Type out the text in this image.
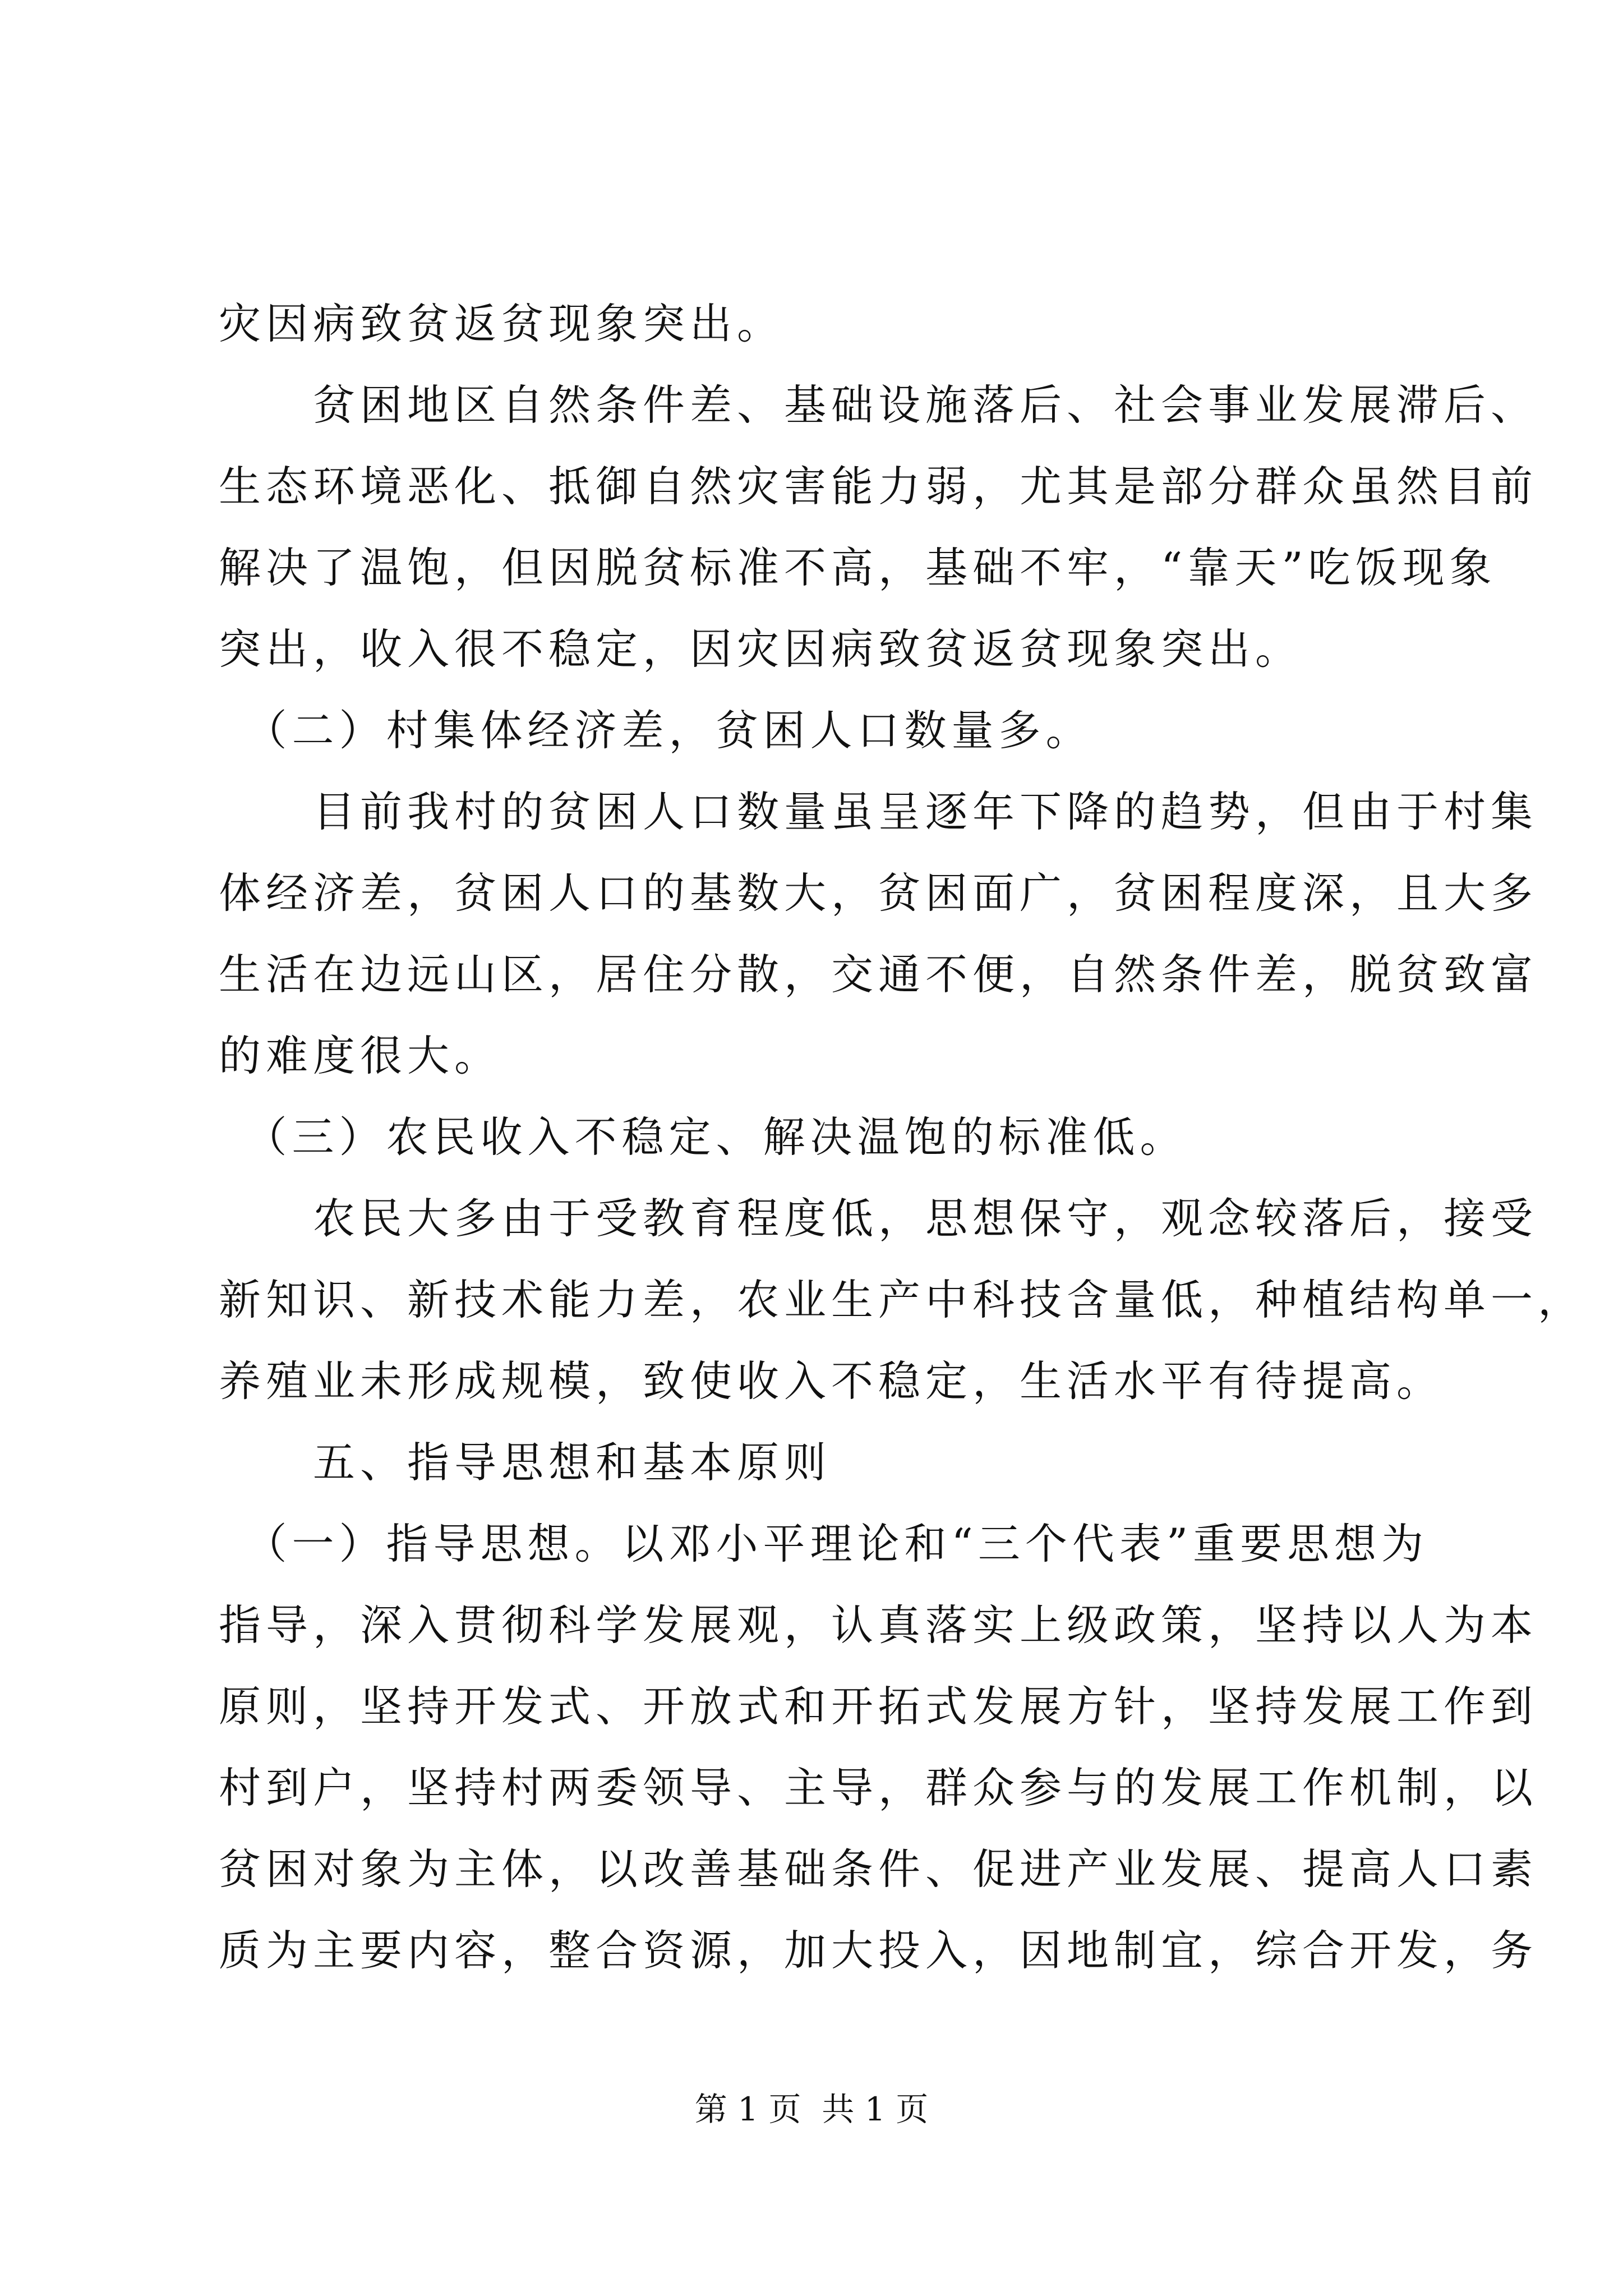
灾因病致贫返贫现象突出。
　　贫困地区自然条件差、基础设施落后、社会事业发展滞后、
生态环境恶化、抵御自然灾害能力弱，尤其是部分群众虽然目前
解决了温饱，但因脱贫标准不高，基础不牢，“靠天”吃饭现象
突出，收入很不稳定，因灾因病致贫返贫现象突出。
　（二）村集体经济差，贫困人口数量多。
　　目前我村的贫困人口数量虽呈逐年下降的趋势，但由于村集
体经济差，贫困人口的基数大，贫困面广，贫困程度深，且大多
生活在边远山区，居住分散，交通不便，自然条件差，脱贫致富
的难度很大。
　（三）农民收入不稳定、解决温饱的标准低。
　　农民大多由于受教育程度低，思想保守，观念较落后，接受
新知识、新技术能力差，农业生产中科技含量低，种植结构单一，
养殖业未形成规模，致使收入不稳定，生活水平有待提高。
　　五、指导思想和基本原则
　（一）指导思想。以邓小平理论和“三个代表”重要思想为
指导，深入贯彻科学发展观，认真落实上级政策，坚持以人为本
原则，坚持开发式、开放式和开拓式发展方针，坚持发展工作到
村到户，坚持村两委领导、主导，群众参与的发展工作机制，以
贫困对象为主体，以改善基础条件、促进产业发展、提高人口素
质为主要内容，整合资源，加大投入，因地制宜，综合开发，务
第 1 页  共 1 页
